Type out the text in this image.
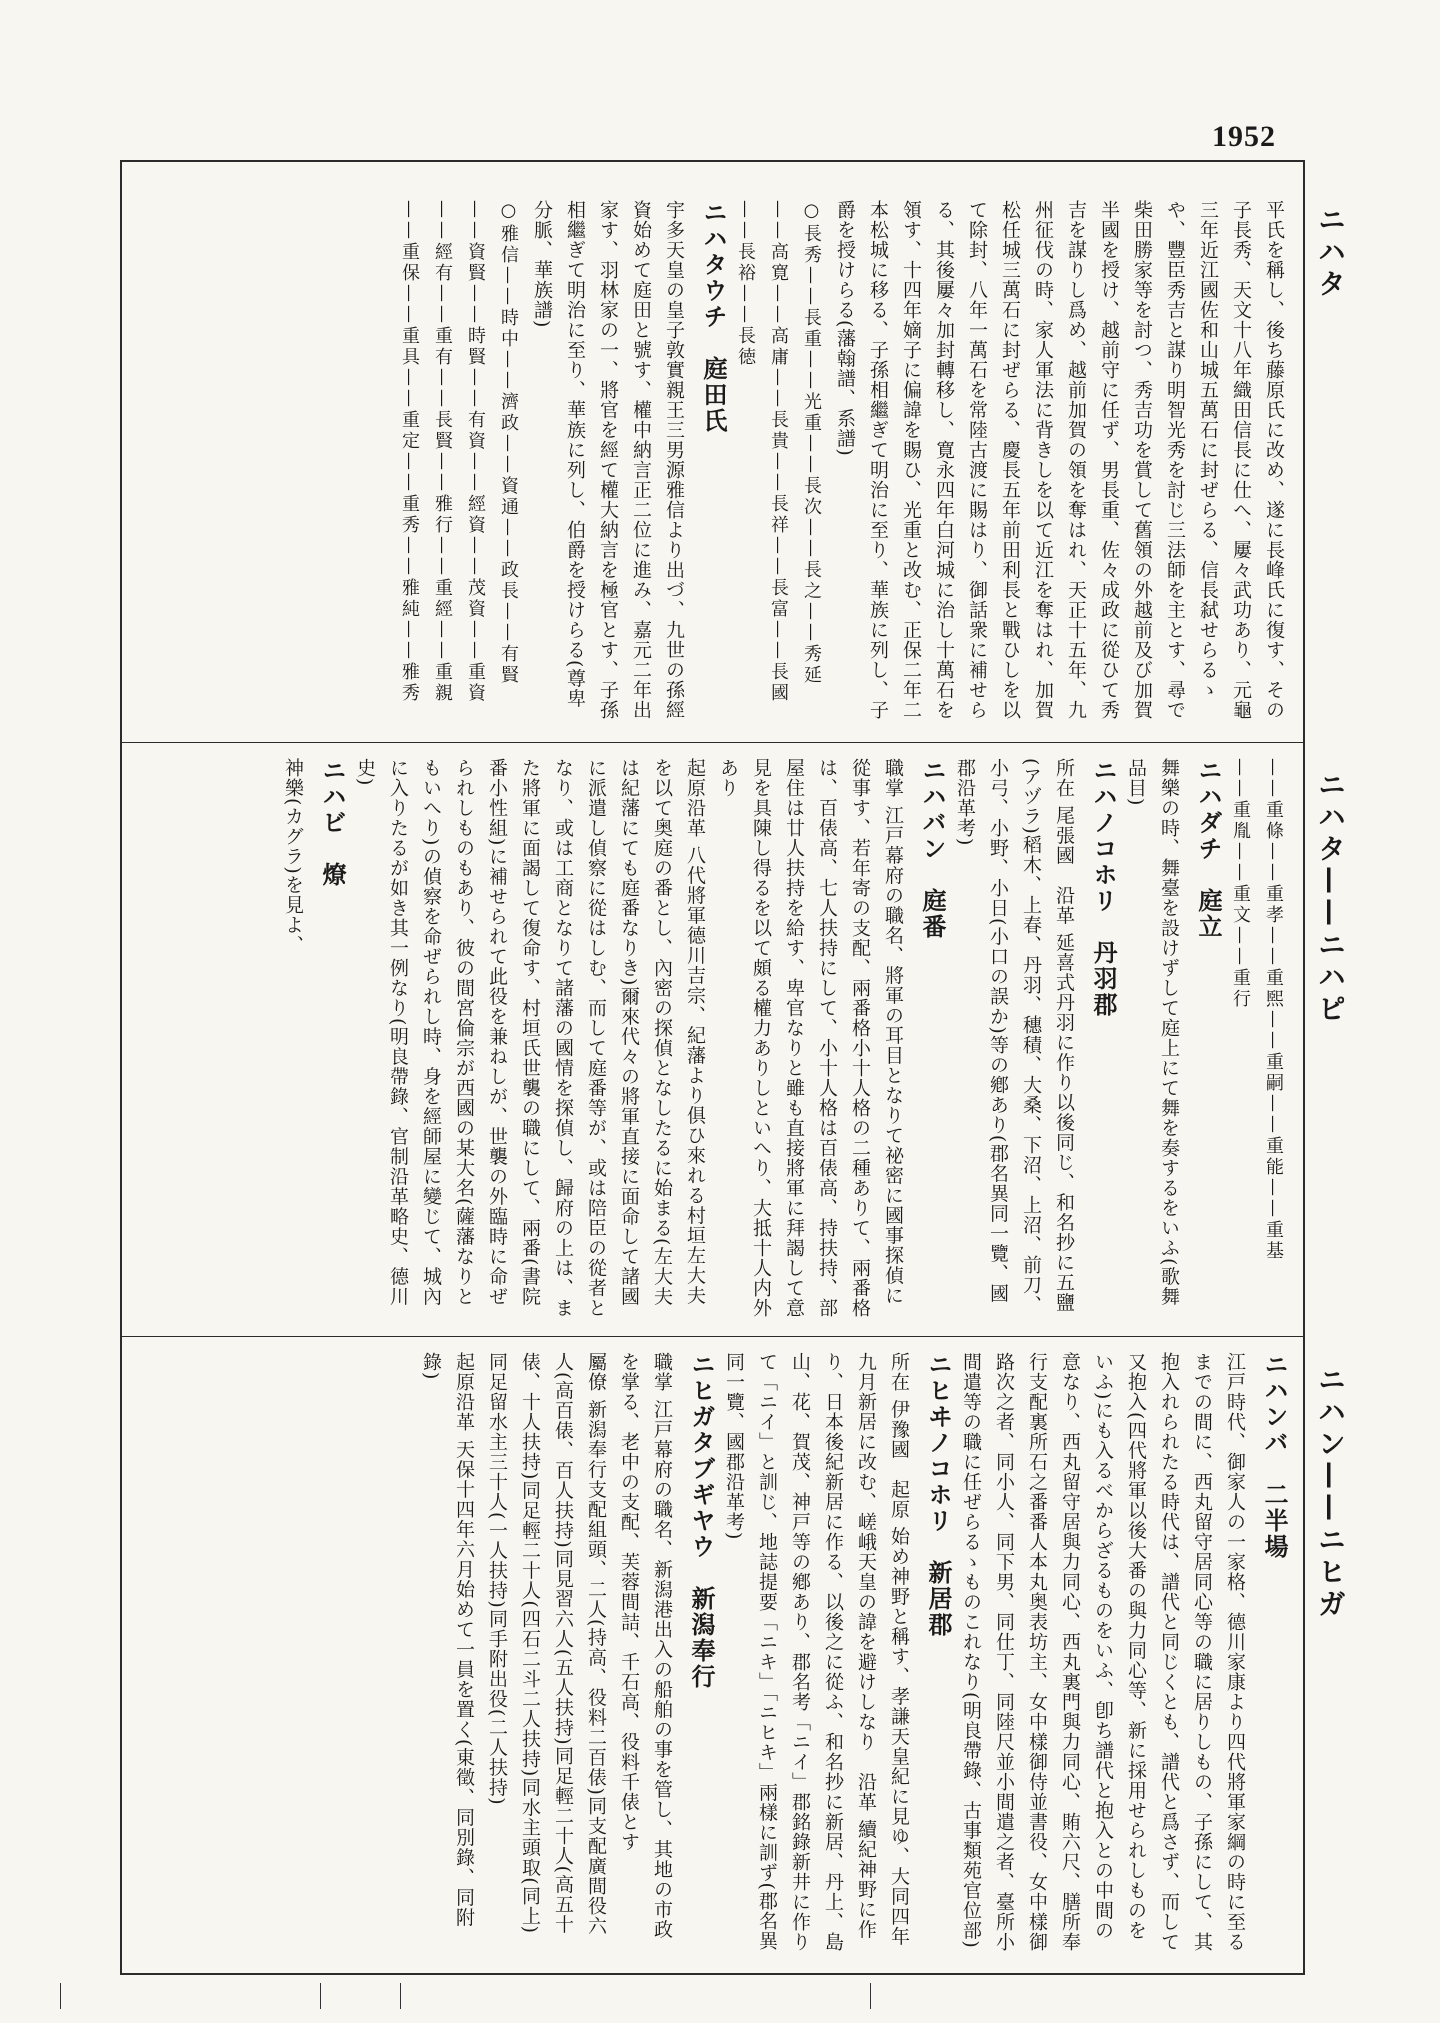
1952
ニハタ
ニハタ——ニハピ
ニハン——ニヒガ

平氏を稱し、後ち藤原氏に改め、遂に長峰氏に復す、その子長秀、天文十八年織田信長に仕へ、屢々武功あり、元龜三年近江國佐和山城五萬石に封ぜらる、信長弑せらるゝや、豐臣秀吉と謀り明智光秀を討じ三法師を主とす、尋で柴田勝家等を討つ、秀吉功を賞して舊領の外越前及び加賀半國を授け、越前守に任ず、男長重、佐々成政に從ひて秀吉を謀りし爲め、越前加賀の領を奪はれ、天正十五年、九州征伐の時、家人軍法に背きしを以て近江を奪はれ、加賀松任城三萬石に封ぜらる、慶長五年前田利長と戰ひしを以て除封、八年一萬石を常陸古渡に賜はり、御話衆に補せらる、其後屢々加封轉移し、寛永四年白河城に治し十萬石を領す、十四年嫡子に偏諱を賜ひ、光重と改む、正保二年二本松城に移る、子孫相繼ぎて明治に至り、華族に列し、子爵を授けらる(藩翰譜、系譜)

○長秀——長重——光重——長次——長之——秀延

——高寛——高庸——長貴——長祥——長富——長國

——長裕——長徳

ニハタウチ　庭田氏

宇多天皇の皇子敦實親王三男源雅信より出づ、九世の孫經資始めて庭田と號す、權中納言正二位に進み、嘉元二年出家す、羽林家の一、將官を經て權大納言を極官とす、子孫相繼ぎて明治に至り、華族に列し、伯爵を授けらる(尊卑分脈、華族譜)

○雅信——時中——濟政——資通——政長——有賢

——資賢——時賢——有資——經資——茂資——重資

——經有——重有——長賢——雅行——重經——重親

——重保——重具——重定——重秀——雅純——雅秀

——重條——重孝——重煕——重嗣——重能——重基

——重胤——重文——重行

ニハダチ　庭立

舞樂の時、舞臺を設けずして庭上にて舞を奏するをいふ(歌舞品目)

ニハノコホリ　丹羽郡

所在 尾張國　沿革 延喜式丹羽に作り以後同じ、和名抄に五鹽(アヅラ)稻木、上春、丹羽、穗積、大桑、下沼、上沼、前刀、小弓、小野、小日(小口の誤か)等の鄕あり(郡名異同一覽、國郡沿革考)

ニハバン　庭番

職掌 江戸幕府の職名、將軍の耳目となりて祕密に國事探偵に從事す、若年寄の支配、兩番格小十人格の二種ありて、兩番格は、百俵高、七人扶持にして、小十人格は百俵高、持扶持、部屋住は廿人扶持を給す、卑官なりと雖も直接將軍に拜謁して意見を具陳し得るを以て頗る權力ありしといへり、大抵十人内外あり

起原沿革 八代將軍德川吉宗、紀藩より俱ひ來れる村垣左大夫を以て奥庭の番とし、內密の探偵となしたるに始まる(左大夫は紀藩にても庭番なりき)爾來代々の將軍直接に面命して諸國に派遣し偵察に從はしむ、而して庭番等が、或は陪臣の從者となり、或は工商となりて諸藩の國情を探偵し、歸府の上は、また將軍に面謁して復命す、村垣氏世襲の職にして、兩番(書院番小性組)に補せられて此役を兼ねしが、世襲の外臨時に命ぜられしものもあり、彼の間宮倫宗が西國の某大名(薩藩なりともいへり)の偵察を命ぜられし時、身を經師屋に變じて、城內に入りたるが如き其一例なり(明良帶錄、官制沿革略史、德川史)

ニハビ　燎

神樂(カグラ)を見よ、

ニハンバ　二半場

江戸時代、御家人の一家格、德川家康より四代將軍家綱の時に至るまでの間に、西丸留守居同心等の職に居りしもの、子孫にして、其抱入れられたる時代は、譜代と同じくとも、譜代と爲さず、而して又抱入(四代將軍以後大番の與力同心等、新に採用せられしものをいふ)にも入るべからざるものをいふ、卽ち譜代と抱入との中間の意なり、西丸留守居與力同心、西丸裏門與力同心、賄六尺、膳所奉行支配裏所石之番番人本丸奥表坊主、女中樣御侍並書役、女中樣御路次之者、同小人、同下男、同仕丁、同陸尺並小間遣之者、臺所小間遣等の職に任ぜらるゝものこれなり(明良帶錄、古事類苑官位部)

ニヒヰノコホリ　新居郡

所在 伊豫國　起原 始め神野と稱す、孝謙天皇紀に見ゆ、大同四年九月新居に改む、嵯峨天皇の諱を避けしなり　沿革 續紀神野に作り、日本後紀新居に作る、以後之に從ふ、和名抄に新居、丹上、島山、花、賀茂、神戸等の鄕あり、郡名考「ニイ」郡銘錄新井に作りて「ニイ」と訓じ、地誌提要「ニキ」「ニヒキ」兩樣に訓ず(郡名異同一覽、國郡沿革考)

ニヒガタブギヤウ　新潟奉行

職掌 江戸幕府の職名、新潟港出入の船舶の事を管し、其地の市政を掌る、老中の支配、芙蓉間詰、千石高、役料千俵とす

屬僚 新潟奉行支配組頭、二人(持高、役料二百俵)同支配廣間役六人(高百俵、百人扶持)同見習六人(五人扶持)同足輕二十人(高五十俵、十人扶持)同足輕二十人(四石二斗二人扶持)同水主頭取(同上)同足留水主三十人(一人扶持)同手附出役(二人扶持)

起原沿革 天保十四年六月始めて一員を置く(東徵、同別錄、同附錄)
